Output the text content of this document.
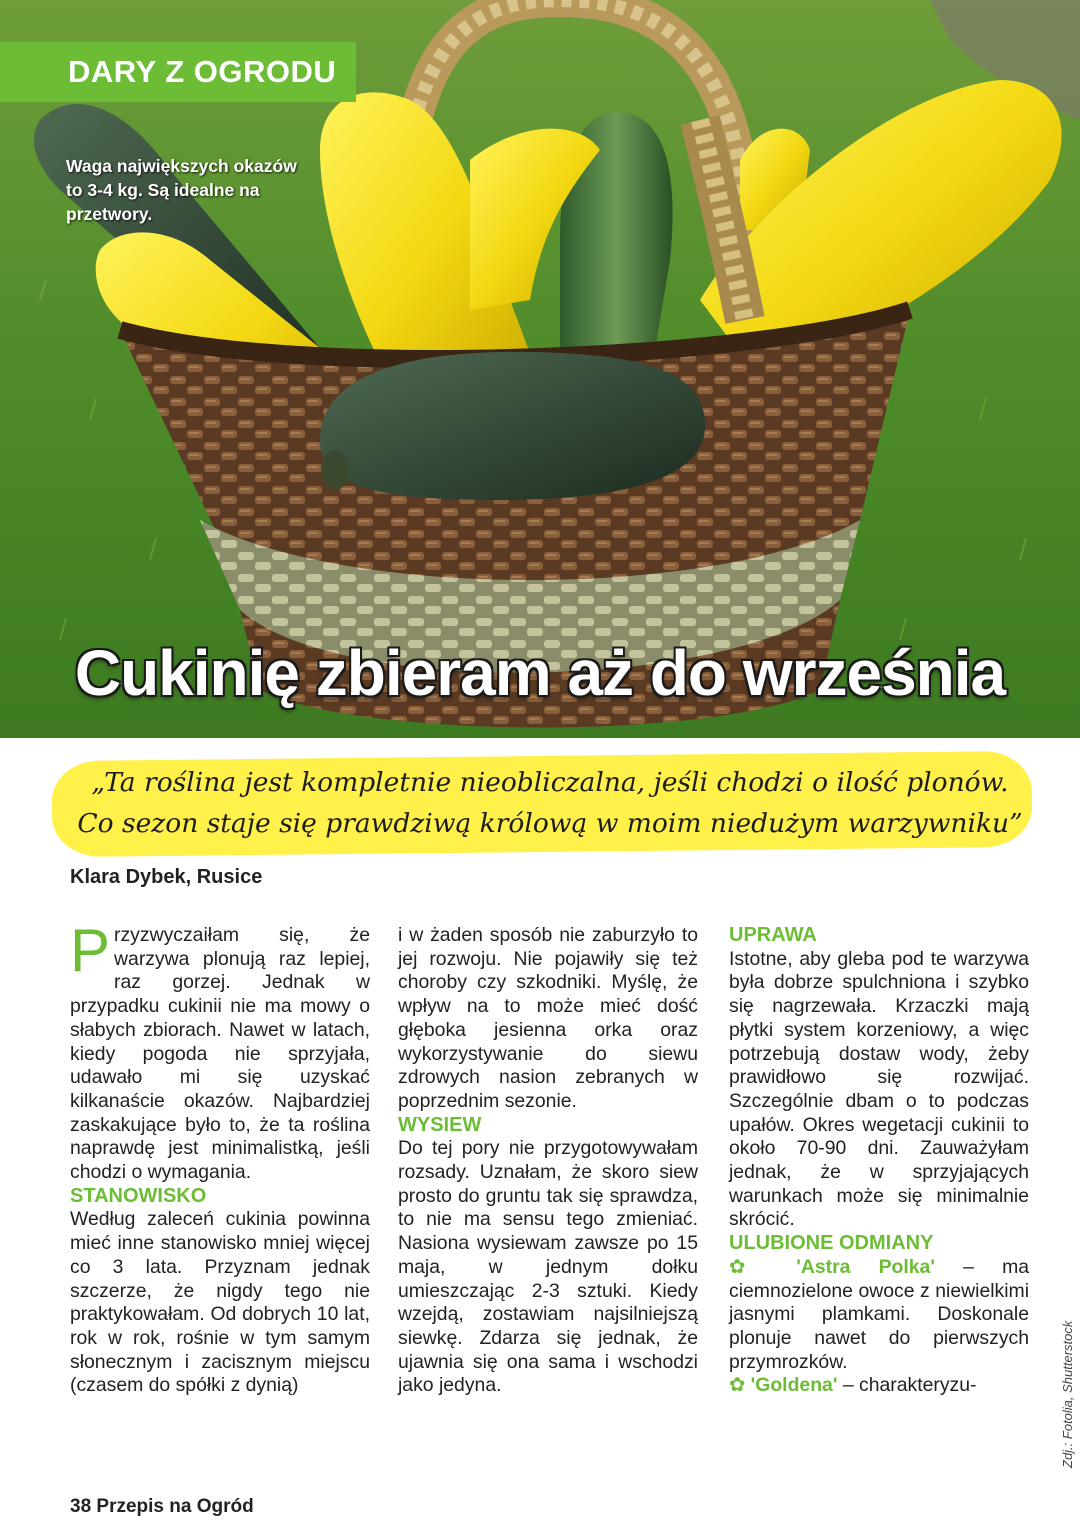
DARY Z OGRODU
Waga największych okazów to 3-4 kg. Są idealne na przetwory.
Cukinię zbieram aż do września
„Ta roślina jest kompletnie nieobliczalna, jeśli chodzi o ilość plonów.
Co sezon staje się prawdziwą królową w moim niedużym warzywniku”
Klara Dybek, Rusice

Przyzwyczaiłam się, że warzywa plonują raz lepiej, raz gorzej. Jednak w przypadku cukinii nie ma mowy o słabych zbiorach. Nawet w latach, kiedy pogoda nie sprzyjała, udawało mi się uzyskać kilkanaście okazów. Najbardziej zaskakujące było to, że ta roślina naprawdę jest minimalistką, jeśli chodzi o wymagania.

STANOWISKO

Według zaleceń cukinia powinna mieć inne stanowisko mniej więcej co 3 lata. Przyznam jednak szczerze, że nigdy tego nie praktykowałam. Od dobrych 10 lat, rok w rok, rośnie w tym samym słonecznym i zacisznym miejscu (czasem do spółki z dynią)

i w żaden sposób nie zaburzyło to jej rozwoju. Nie pojawiły się też choroby czy szkodniki. Myślę, że wpływ na to może mieć dość głęboka jesienna orka oraz wykorzystywanie do siewu zdrowych nasion zebranych w poprzednim sezonie.

WYSIEW

Do tej pory nie przygotowywałam rozsady. Uznałam, że skoro siew prosto do gruntu tak się sprawdza, to nie ma sensu tego zmieniać. Nasiona wysiewam zawsze po 15 maja, w jednym dołku umieszczając 2-3 sztuki. Kiedy wzejdą, zostawiam najsilniejszą siewkę. Zdarza się jednak, że ujawnia się ona sama i wschodzi jako jedyna.

UPRAWA

Istotne, aby gleba pod te warzywa była dobrze spulchniona i szybko się nagrzewała. Krzaczki mają płytki system korzeniowy, a więc potrzebują dostaw wody, żeby prawidłowo się rozwijać. Szczególnie dbam o to podczas upałów. Okres wegetacji cukinii to około 70-90 dni. Zauważyłam jednak, że w sprzyjających warunkach może się minimalnie skrócić.

ULUBIONE ODMIANY

✿ 'Astra Polka' – ma ciemnozielone owoce z niewielkimi jasnymi plamkami. Doskonale plonuje nawet do pierwszych przymrozków.

✿ 'Goldena' – charakteryzu-	Zdj.: Fotolia, Shutterstock
38 Przepis na Ogród
